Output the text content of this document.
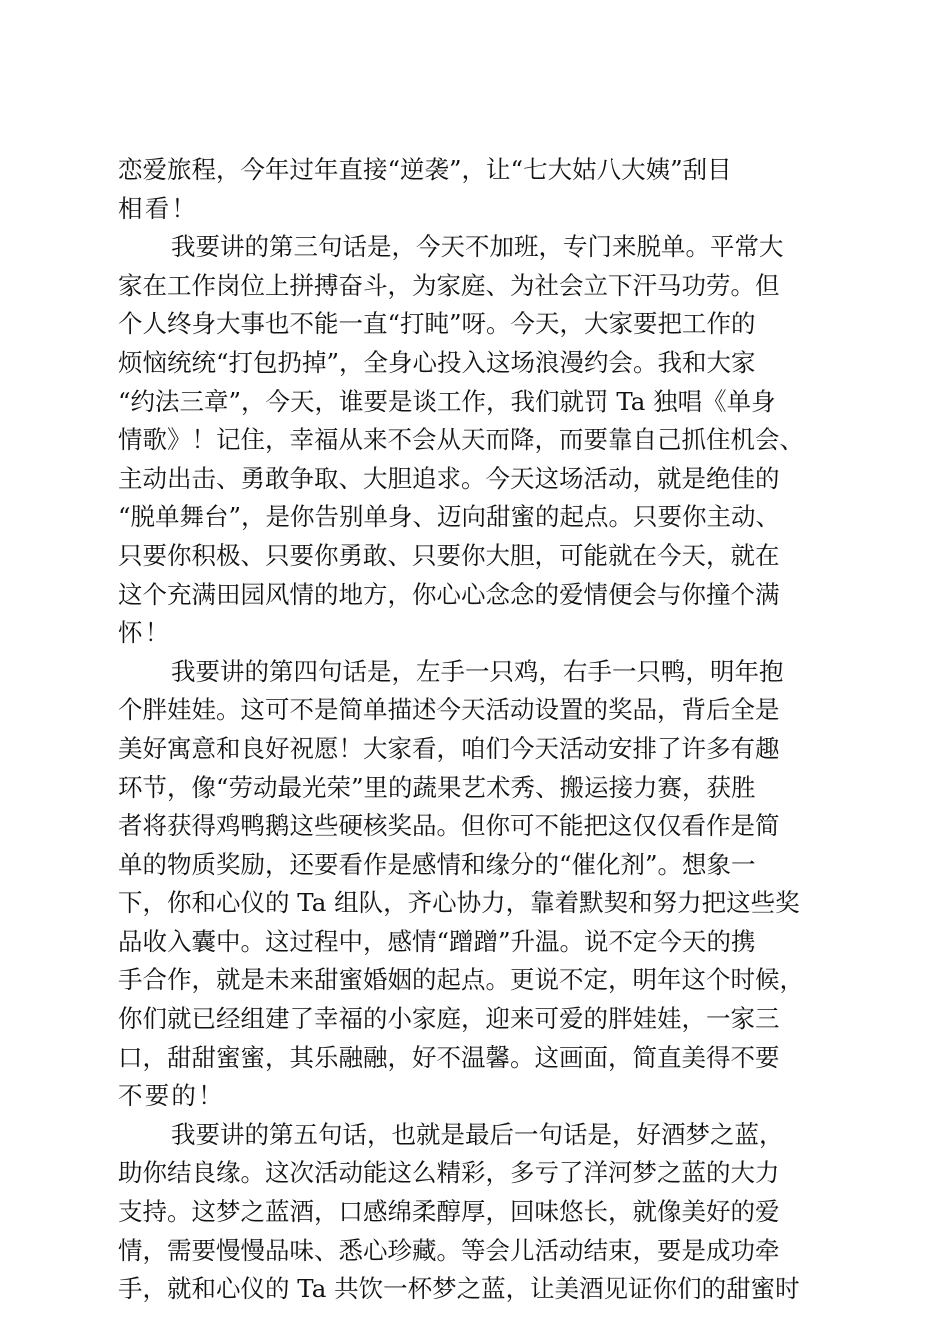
恋爱旅程，今年过年直接“逆袭”，让“七大姑八大姨”刮目
相看！
我要讲的第三句话是，今天不加班，专门来脱单。平常大
家在工作岗位上拼搏奋斗，为家庭、为社会立下汗马功劳。但
个人终身大事也不能一直“打盹”呀。今天，大家要把工作的
烦恼统统“打包扔掉”，全身心投入这场浪漫约会。我和大家
“约法三章”，今天，谁要是谈工作，我们就罚 Ta 独唱《单身
情歌》！记住，幸福从来不会从天而降，而要靠自己抓住机会、
主动出击、勇敢争取、大胆追求。今天这场活动，就是绝佳的
“脱单舞台”，是你告别单身、迈向甜蜜的起点。只要你主动、
只要你积极、只要你勇敢、只要你大胆，可能就在今天，就在
这个充满田园风情的地方，你心心念念的爱情便会与你撞个满
怀！
我要讲的第四句话是，左手一只鸡，右手一只鸭，明年抱
个胖娃娃。这可不是简单描述今天活动设置的奖品，背后全是
美好寓意和良好祝愿！大家看，咱们今天活动安排了许多有趣
环节，像“劳动最光荣”里的蔬果艺术秀、搬运接力赛，获胜
者将获得鸡鸭鹅这些硬核奖品。但你可不能把这仅仅看作是简
单的物质奖励，还要看作是感情和缘分的“催化剂”。想象一
下，你和心仪的 Ta 组队，齐心协力，靠着默契和努力把这些奖
品收入囊中。这过程中，感情“蹭蹭”升温。说不定今天的携
手合作，就是未来甜蜜婚姻的起点。更说不定，明年这个时候，
你们就已经组建了幸福的小家庭，迎来可爱的胖娃娃，一家三
口，甜甜蜜蜜，其乐融融，好不温馨。这画面，简直美得不要
不要的！
我要讲的第五句话，也就是最后一句话是，好酒梦之蓝，
助你结良缘。这次活动能这么精彩，多亏了洋河梦之蓝的大力
支持。这梦之蓝酒，口感绵柔醇厚，回味悠长，就像美好的爱
情，需要慢慢品味、悉心珍藏。等会儿活动结束，要是成功牵
手，就和心仪的 Ta 共饮一杯梦之蓝，让美酒见证你们的甜蜜时
